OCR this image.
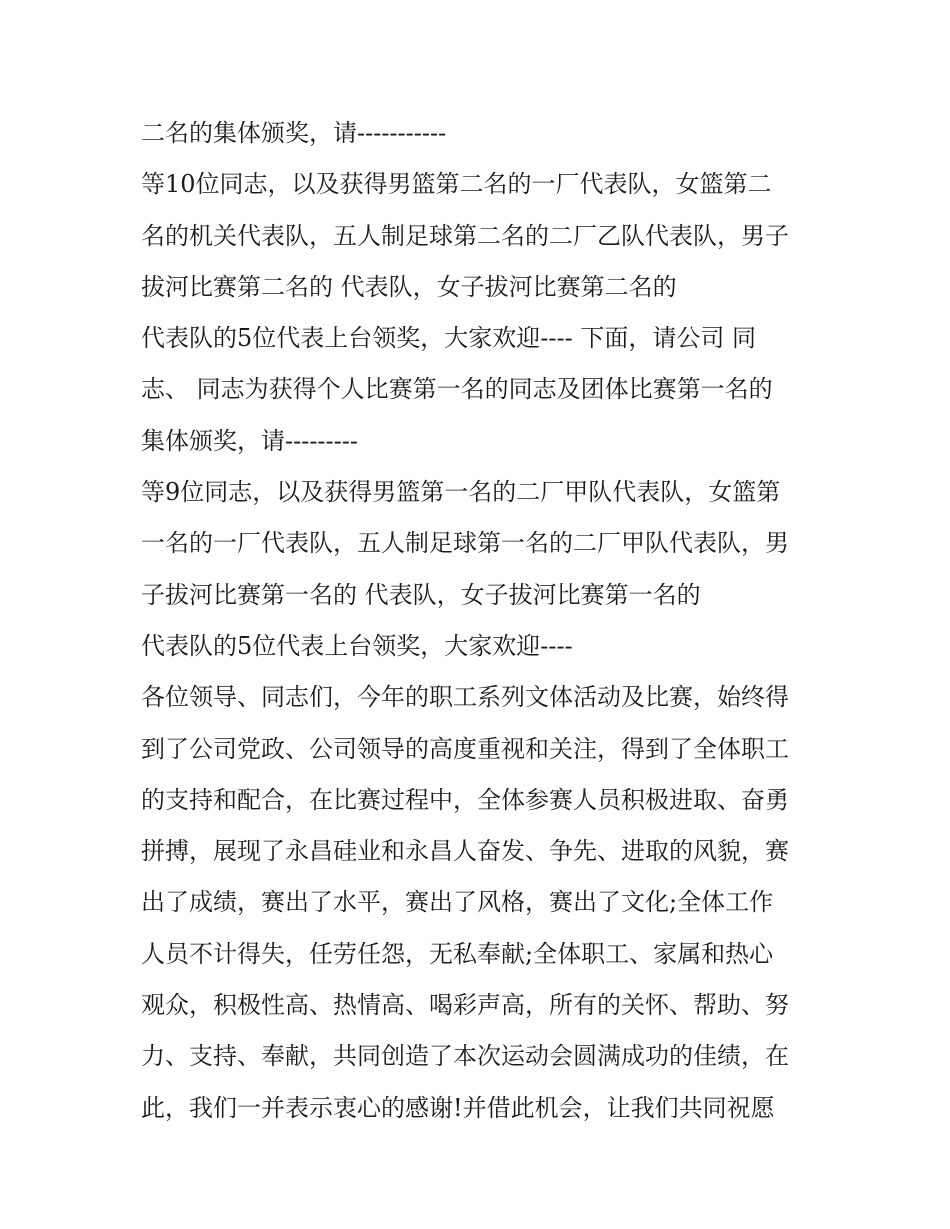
二名的集体颁奖，请-----------
等10位同志，以及获得男篮第二名的一厂代表队，女篮第二
名的机关代表队，五人制足球第二名的二厂乙队代表队，男子
拔河比赛第二名的 代表队，女子拔河比赛第二名的
代表队的5位代表上台领奖，大家欢迎---- 下面，请公司 同
志、 同志为获得个人比赛第一名的同志及团体比赛第一名的
集体颁奖，请---------
等9位同志，以及获得男篮第一名的二厂甲队代表队，女篮第
一名的一厂代表队，五人制足球第一名的二厂甲队代表队，男
子拔河比赛第一名的 代表队，女子拔河比赛第一名的
代表队的5位代表上台领奖，大家欢迎----
各位领导、同志们，今年的职工系列文体活动及比赛，始终得
到了公司党政、公司领导的高度重视和关注，得到了全体职工
的支持和配合，在比赛过程中，全体参赛人员积极进取、奋勇
拼搏，展现了永昌硅业和永昌人奋发、争先、进取的风貌，赛
出了成绩，赛出了水平，赛出了风格，赛出了文化;全体工作
人员不计得失，任劳任怨，无私奉献;全体职工、家属和热心
观众，积极性高、热情高、喝彩声高，所有的关怀、帮助、努
力、支持、奉献，共同创造了本次运动会圆满成功的佳绩，在
此，我们一并表示衷心的感谢!并借此机会，让我们共同祝愿
